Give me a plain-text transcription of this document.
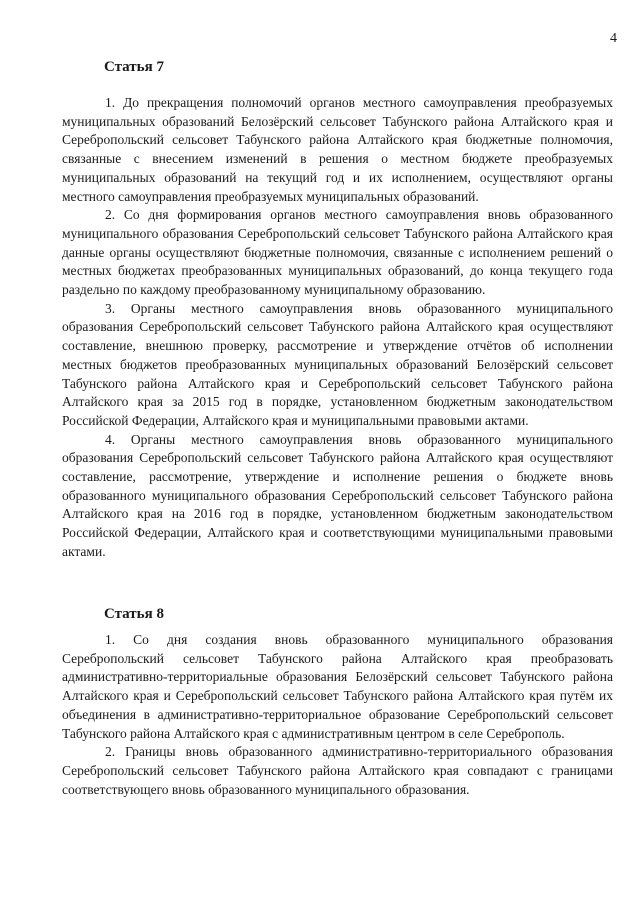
4
Статья 7

1. До прекращения полномочий органов местного самоуправления преобразуемых муниципальных образований Белозёрский сельсовет Табунского района Алтайского края и Серебропольский сельсовет Табунского района Алтайского края бюджетные полномочия, связанные с внесением изменений в решения о местном бюджете преобразуемых муниципальных образований на текущий год и их исполнением, осуществляют органы местного самоуправления преобразуемых муниципальных образований.

2. Со дня формирования органов местного самоуправления вновь образованного муниципального образования Серебропольский сельсовет Табунского района Алтайского края данные органы осуществляют бюджетные полномочия, связанные с исполнением решений о местных бюджетах преобразованных муниципальных образований, до конца текущего года раздельно по каждому преобразованному муниципальному образованию.

3. Органы местного самоуправления вновь образованного муниципального образования Серебропольский сельсовет Табунского района Алтайского края осуществляют составление, внешнюю проверку, рассмотрение и утверждение отчётов об исполнении местных бюджетов преобразованных муниципальных образований Белозёрский сельсовет Табунского района Алтайского края и Серебропольский сельсовет Табунского района Алтайского края за 2015 год в порядке, установленном бюджетным законодательством Российской Федерации, Алтайского края и муниципальными правовыми актами.

4. Органы местного самоуправления вновь образованного муниципального образования Серебропольский сельсовет Табунского района Алтайского края осуществляют составление, рассмотрение, утверждение и исполнение решения о бюджете вновь образованного муниципального образования Серебропольский сельсовет Табунского района Алтайского края на 2016 год в порядке, установленном бюджетным законодательством Российской Федерации, Алтайского края и соответствующими муниципальными правовыми актами.

Статья 8

1. Со дня создания вновь образованного муниципального образования Серебропольский сельсовет Табунского района Алтайского края преобразовать административно-территориальные образования Белозёрский сельсовет Табунского района Алтайского края и Серебропольский сельсовет Табунского района Алтайского края путём их объединения в административно-территориальное образование Серебропольский сельсовет Табунского района Алтайского края с административным центром в селе Сереброполь.

2. Границы вновь образованного административно-территориального образования Серебропольский сельсовет Табунского района Алтайского края совпадают с границами соответствующего вновь образованного муниципального образования.
